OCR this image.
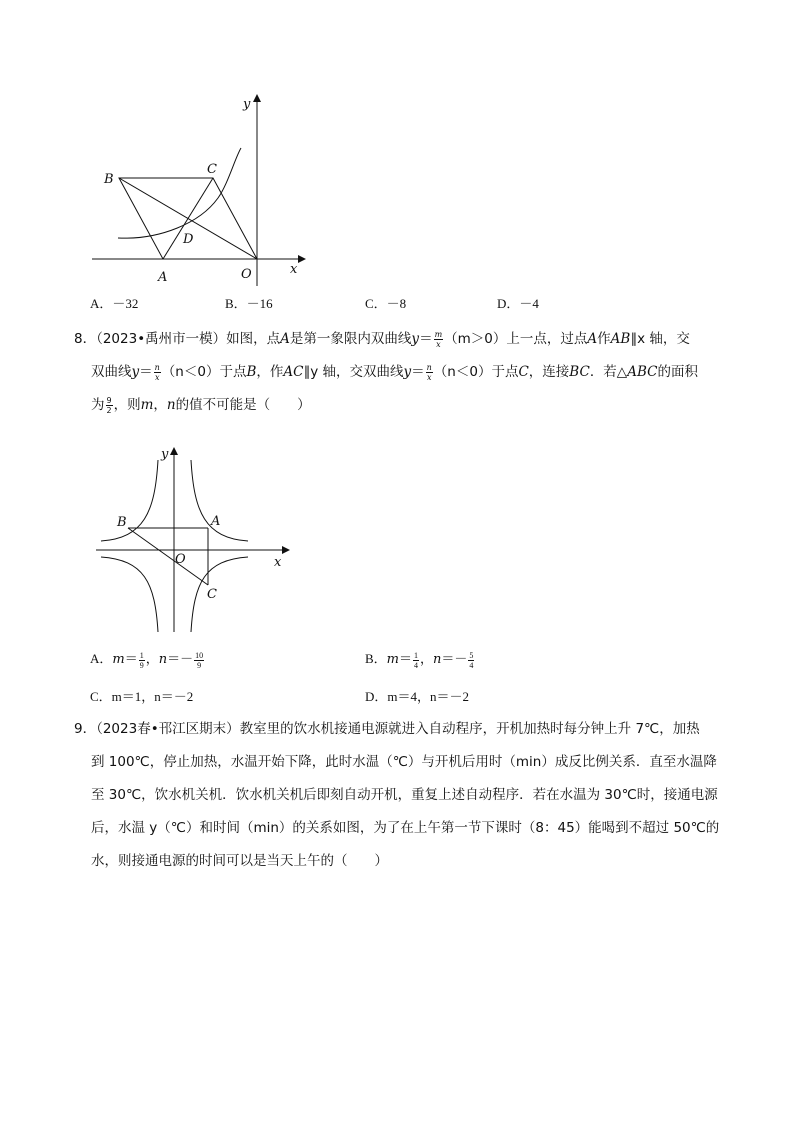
y
x
B
C
D
A	O
A．－32	B．－16	C．－8	D．－4
8．（2023•禹州市一模）如图，点A是第一象限内双曲线$y= \frac{m}{x} (m>0)$上一点，过点A作AB∥x 轴，交
双曲线$y= \frac{n}{x} (n<0)$于点B，作AC∥y 轴，交双曲线$y= \frac{n}{x} (n<0)$于点C，连接BC．若△ABC的面积
为 $\frac{9}{2}$ ，则m，n的值不可能是（　　）
y
x
B	A
O
C
A．$m= \frac{1}{9}$ ，$n=- \frac{10}{9}$	B．$m= \frac{1}{4}$ ，$n=- \frac{5}{4}$
C．m＝1，n＝－2	D．m＝4，n＝－2
9．（2023春•邗江区期末）教室里的饮水机接通电源就进入自动程序，开机加热时每分钟上升 7℃，加热
到 100℃，停止加热，水温开始下降，此时水温（℃）与开机后用时（min）成反比例关系．直至水温降
至 30℃，饮水机关机．饮水机关机后即刻自动开机，重复上述自动程序．若在水温为 30℃时，接通电源
后，水温 y（℃）和时间（min）的关系如图，为了在上午第一节下课时（8：45）能喝到不超过 50℃的
水，则接通电源的时间可以是当天上午的（　　）
